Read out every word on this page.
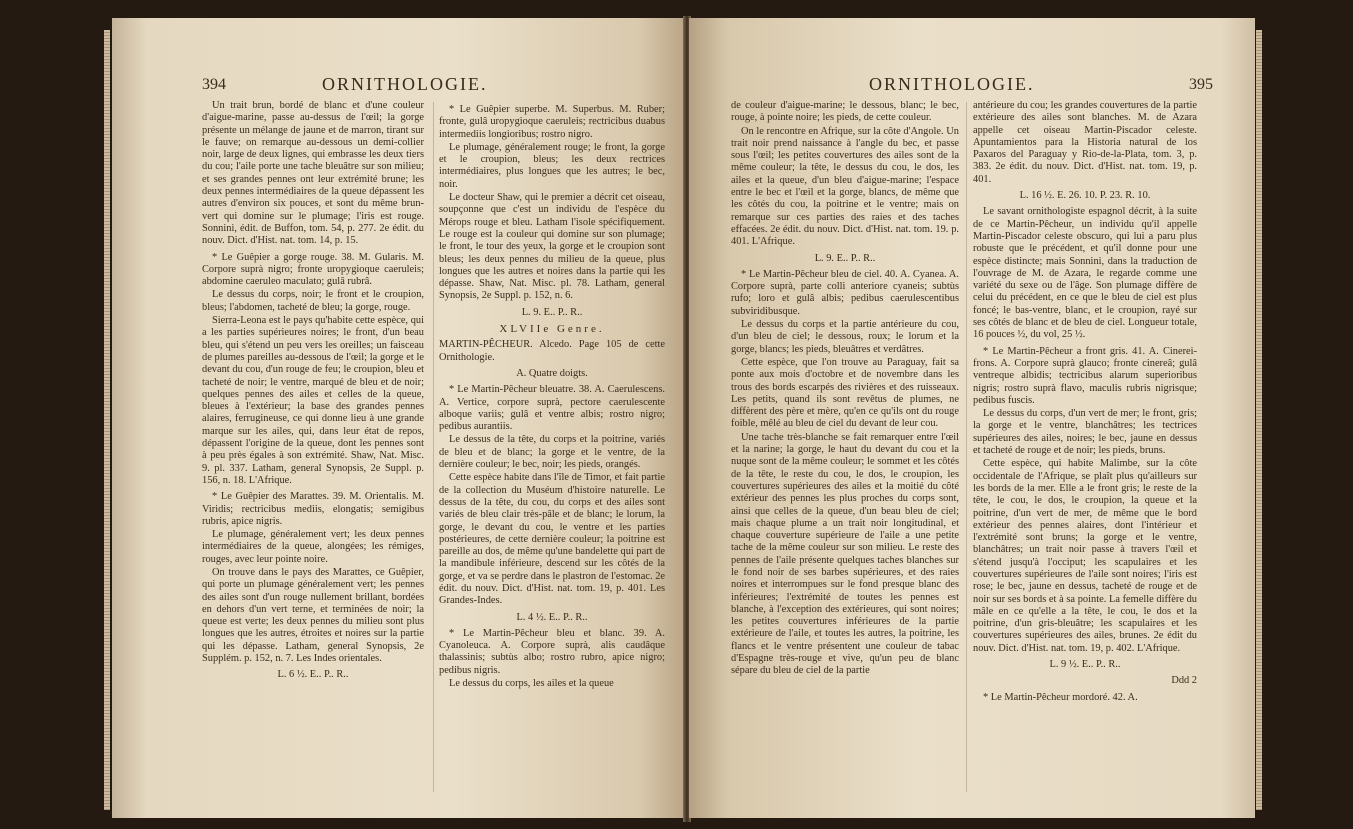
394	ORNITHOLOGIE.

Un trait brun, bordé de blanc et d'une couleur d'aigue-marine, passe au-dessus de l'œil; la gorge présente un mélange de jaune et de marron, tirant sur le fauve; on remarque au-dessous un demi-collier noir, large de deux lignes, qui embrasse les deux tiers du cou; l'aile porte une tache bleuâtre sur son milieu; et ses grandes pennes ont leur extrémité brune; les deux pennes intermédiaires de la queue dépassent les autres d'environ six pouces, et sont du même brun-vert qui domine sur le plumage; l'iris est rouge. Sonnini, édit. de Buffon, tom. 54, p. 277. 2e édit. du nouv. Dict. d'Hist. nat. tom. 14, p. 15.

* Le Guêpier a gorge rouge. 38. M. Gularis. M. Corpore suprà nigro; fronte uropygioque caeruleis; abdomine caeruleo maculato; gulâ rubrâ.

Le dessus du corps, noir; le front et le croupion, bleus; l'abdomen, tacheté de bleu; la gorge, rouge.

Sierra-Leona est le pays qu'habite cette espèce, qui a les parties supérieures noires; le front, d'un beau bleu, qui s'étend un peu vers les oreilles; un faisceau de plumes pareilles au-dessous de l'œil; la gorge et le devant du cou, d'un rouge de feu; le croupion, bleu et tacheté de noir; le ventre, marqué de bleu et de noir; quelques pennes des ailes et celles de la queue, bleues à l'extérieur; la base des grandes pennes alaires, ferrugineuse, ce qui donne lieu à une grande marque sur les ailes, qui, dans leur état de repos, dépassent l'origine de la queue, dont les pennes sont à peu près égales à son extrémité. Shaw, Nat. Misc. 9. pl. 337. Latham, general Synopsis, 2e Suppl. p. 156, n. 18. L'Afrique.

* Le Guêpier des Marattes. 39. M. Orientalis. M. Viridis; rectricibus mediis, elongatis; semigibus rubris, apice nigris.

Le plumage, généralement vert; les deux pennes intermédiaires de la queue, alongées; les rémiges, rouges, avec leur pointe noire.

On trouve dans le pays des Marattes, ce Guêpier, qui porte un plumage généralement vert; les pennes des ailes sont d'un rouge nullement brillant, bordées en dehors d'un vert terne, et terminées de noir; la queue est verte; les deux pennes du milieu sont plus longues que les autres, étroites et noires sur la partie qui les dépasse. Latham, general Synopsis, 2e Supplém. p. 152, n. 7. Les Indes orientales.

L. 6 ½. E.. P.. R..

* Le Guêpier superbe. M. Superbus. M. Ruber; fronte, gulâ uropygioque caeruleis; rectricibus duabus intermediis longioribus; rostro nigro.

Le plumage, généralement rouge; le front, la gorge et le croupion, bleus; les deux rectrices intermédiaires, plus longues que les autres; le bec, noir.

Le docteur Shaw, qui le premier a décrit cet oiseau, soupçonne que c'est un individu de l'espèce du Mérops rouge et bleu. Latham l'isole spécifiquement. Le rouge est la couleur qui domine sur son plumage; le front, le tour des yeux, la gorge et le croupion sont bleus; les deux pennes du milieu de la queue, plus longues que les autres et noires dans la partie qui les dépasse. Shaw, Nat. Misc. pl. 78. Latham, general Synopsis, 2e Suppl. p. 152, n. 6.

L. 9. E.. P.. R..

XLVIIe Genre.

MARTIN-PÊCHEUR. Alcedo. Page 105 de cette Ornithologie.

A. Quatre doigts.

* Le Martin-Pêcheur bleuatre. 38. A. Caerulescens. A. Vertice, corpore suprà, pectore caerulescente alboque variis; gulâ et ventre albis; rostro nigro; pedibus aurantiis.

Le dessus de la tête, du corps et la poitrine, variés de bleu et de blanc; la gorge et le ventre, de la dernière couleur; le bec, noir; les pieds, orangés.

Cette espèce habite dans l'île de Timor, et fait partie de la collection du Muséum d'histoire naturelle. Le dessus de la tête, du cou, du corps et des ailes sont variés de bleu clair très-pâle et de blanc; le lorum, la gorge, le devant du cou, le ventre et les parties postérieures, de cette dernière couleur; la poitrine est pareille au dos, de même qu'une bandelette qui part de la mandibule inférieure, descend sur les côtés de la gorge, et va se perdre dans le plastron de l'estomac. 2e édit. du nouv. Dict. d'Hist. nat. tom. 19, p. 401. Les Grandes-Indes.

L. 4 ½. E.. P.. R..

* Le Martin-Pêcheur bleu et blanc. 39. A. Cyanoleuca. A. Corpore suprà, alis caudâque thalassinis; subtùs albo; rostro rubro, apice nigro; pedibus nigris.

Le dessus du corps, les ailes et la queue

ORNITHOLOGIE.	395

de couleur d'aigue-marine; le dessous, blanc; le bec, rouge, à pointe noire; les pieds, de cette couleur.

On le rencontre en Afrique, sur la côte d'Angole. Un trait noir prend naissance à l'angle du bec, et passe sous l'œil; les petites couvertures des ailes sont de la même couleur; la tête, le dessus du cou, le dos, les ailes et la queue, d'un bleu d'aigue-marine; l'espace entre le bec et l'œil et la gorge, blancs, de même que les côtés du cou, la poitrine et le ventre; mais on remarque sur ces parties des raies et des taches effacées. 2e édit. du nouv. Dict. d'Hist. nat. tom. 19. p. 401. L'Afrique.

L. 9. E.. P.. R..

* Le Martin-Pêcheur bleu de ciel. 40. A. Cyanea. A. Corpore suprà, parte colli anteriore cyaneis; subtùs rufo; loro et gulâ albis; pedibus caerulescentibus subviridibusque.

Le dessus du corps et la partie antérieure du cou, d'un bleu de ciel; le dessous, roux; le lorum et la gorge, blancs; les pieds, bleuâtres et verdâtres.

Cette espèce, que l'on trouve au Paraguay, fait sa ponte aux mois d'octobre et de novembre dans les trous des bords escarpés des rivières et des ruisseaux. Les petits, quand ils sont revêtus de plumes, ne diffèrent des père et mère, qu'en ce qu'ils ont du rouge foible, mêlé au bleu de ciel du devant de leur cou.

Une tache très-blanche se fait remarquer entre l'œil et la narine; la gorge, le haut du devant du cou et la nuque sont de la même couleur; le sommet et les côtés de la tête, le reste du cou, le dos, le croupion, les couvertures supérieures des ailes et la moitié du côté extérieur des pennes les plus proches du corps sont, ainsi que celles de la queue, d'un beau bleu de ciel; mais chaque plume a un trait noir longitudinal, et chaque couverture supérieure de l'aile a une petite tache de la même couleur sur son milieu. Le reste des pennes de l'aile présente quelques taches blanches sur le fond noir de ses barbes supérieures, et des raies noires et interrompues sur le fond presque blanc des inférieures; l'extrémité de toutes les pennes est blanche, à l'exception des extérieures, qui sont noires; les petites couvertures inférieures de la partie extérieure de l'aile, et toutes les autres, la poitrine, les flancs et le ventre présentent une couleur de tabac d'Espagne très-rouge et vive, qu'un peu de blanc sépare du bleu de ciel de la partie

antérieure du cou; les grandes couvertures de la partie extérieure des ailes sont blanches. M. de Azara appelle cet oiseau Martin-Piscador celeste. Apuntamientos para la Historia natural de los Paxaros del Paraguay y Rio-de-la-Plata, tom. 3, p. 383. 2e édit. du nouv. Dict. d'Hist. nat. tom. 19, p. 401.

L. 16 ½. E. 26. 10. P. 23. R. 10.

Le savant ornithologiste espagnol décrit, à la suite de ce Martin-Pêcheur, un individu qu'il appelle Martin-Piscador celeste obscuro, qui lui a paru plus robuste que le précédent, et qu'il donne pour une espèce distincte; mais Sonnini, dans la traduction de l'ouvrage de M. de Azara, le regarde comme une variété du sexe ou de l'âge. Son plumage diffère de celui du précédent, en ce que le bleu de ciel est plus foncé; le bas-ventre, blanc, et le croupion, rayé sur ses côtés de blanc et de bleu de ciel. Longueur totale, 16 pouces ½, du vol, 25 ½.

* Le Martin-Pêcheur a front gris. 41. A. Cinerei-frons. A. Corpore suprà glauco; fronte cinereâ; gulâ ventreque albidis; tectricibus alarum superioribus nigris; rostro suprà flavo, maculis rubris nigrisque; pedibus fuscis.

Le dessus du corps, d'un vert de mer; le front, gris; la gorge et le ventre, blanchâtres; les tectrices supérieures des ailes, noires; le bec, jaune en dessus et tacheté de rouge et de noir; les pieds, bruns.

Cette espèce, qui habite Malimbe, sur la côte occidentale de l'Afrique, se plaît plus qu'ailleurs sur les bords de la mer. Elle a le front gris; le reste de la tête, le cou, le dos, le croupion, la queue et la poitrine, d'un vert de mer, de même que le bord extérieur des pennes alaires, dont l'intérieur et l'extrémité sont bruns; la gorge et le ventre, blanchâtres; un trait noir passe à travers l'œil et s'étend jusqu'à l'occiput; les scapulaires et les couvertures supérieures de l'aile sont noires; l'iris est rose; le bec, jaune en dessus, tacheté de rouge et de noir sur ses bords et à sa pointe. La femelle diffère du mâle en ce qu'elle a la tête, le cou, le dos et la poitrine, d'un gris-bleuâtre; les scapulaires et les couvertures supérieures des ailes, brunes. 2e édit du nouv. Dict. d'Hist. nat. tom. 19, p. 402. L'Afrique.

L. 9 ½. E.. P.. R..

Ddd 2

* Le Martin-Pêcheur mordoré. 42. A.
